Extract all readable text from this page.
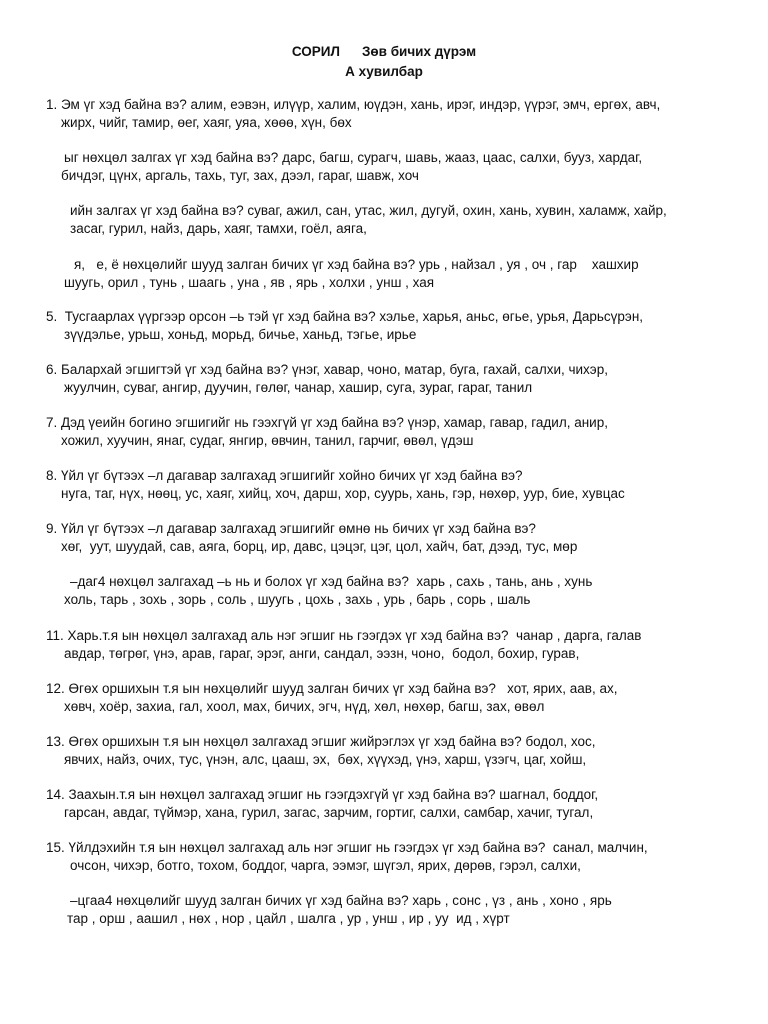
СОРИЛ Зөв бичих дүрэм
А хувилбар
1. Эм үг хэд байна вэ? алим, еэвэн, илүүр, халим, юүдэн, хань, ирэг, индэр, үүрэг, эмч, ергөх, авч,
жирх, чийг, тамир, өег, хаяг, уяа, хөөө, хүн, бөх
ыг нөхцөл залгах үг хэд байна вэ? дарс, багш, сурагч, шавь, жааз, цаас, салхи, бууз, хардаг,
бичдэг, цүнх, аргаль, тахь, туг, зах, дээл, гараг, шавж, хоч
ийн залгах үг хэд байна вэ? суваг, ажил, сан, утас, жил, дугуй, охин, хань, хувин, халамж, хайр,
засаг, гурил, найз, дарь, хаяг, тамхи, гоёл, аяга,
я,   е, ё нөхцөлийг шууд залган бичих үг хэд байна вэ? урь , найзал , уя , оч , гар    хашхир
шуугь, орил , тунь , шаагь , уна , яв , ярь , холхи , унш , хая
5.  Тусгаарлах үүргээр орсон –ь тэй үг хэд байна вэ? хэльe, харья, аньс, өгье, урья, Дарьсүрэн,
зүүдэльe, урьш, хоньд, морьд, бичье, ханьд, тэгье, ирье
6. Балархай эгшигтэй үг хэд байна вэ? үнэг, хавар, чоно, матар, буга, гахай, салхи, чихэр,
жуулчин, суваг, ангир, дуучин, гөлөг, чанар, хашир, суга, зураг, гараг, танил
7. Дэд үеийн богино эгшигийг нь гээхгүй үг хэд байна вэ? үнэр, хамар, гавар, гадил, анир,
хожил, хуучин, янаг, судаг, янгир, өвчин, танил, гарчиг, өвөл, үдэш
8. Үйл үг бүтээх –л дагавар залгахад эгшигийг хойно бичих үг хэд байна вэ?
нуга, таг, нүх, нөөц, ус, хаяг, хийц, хоч, дарш, хор, суурь, хань, гэр, нөхөр, уур, бие, хувцас
9. Үйл үг бүтээх –л дагавар залгахад эгшигийг өмнө нь бичих үг хэд байна вэ?
хөг,  уут, шуудай, сав, аяга, борц, ир, давс, цэцэг, цэг, цол, хайч, бат, дээд, тус, мөр
–даг4 нөхцөл залгахад –ь нь и болох үг хэд байна вэ?  харь , сахь , тань, ань , хунь
холь, тарь , зохь , зорь , соль , шуугь , цохь , захь , урь , барь , сорь , шаль
11. Харь.т.я ын нөхцөл залгахад аль нэг эгшиг нь гээгдэх үг хэд байна вэ?  чанар , дарга, галав
авдар, төгрөг, үнэ, арав, гараг, эрэг, анги, сандал, ээзн, чоно,  бодол, бохир, гурав,
12. Өгөх оршихын т.я ын нөхцөлийг шууд залган бичих үг хэд байна вэ?   хот, ярих, аав, ах,
хөвч, хоёр, захиа, гал, хоол, мах, бичих, эгч, нүд, хөл, нөхөр, багш, зах, өвөл
13. Өгөх оршихын т.я ын нөхцөл залгахад эгшиг жийрэглэх үг хэд байна вэ? бодол, хос,
явчих, найз, очих, тус, үнэн, алс, цааш, эх,  бөх, хүүхэд, үнэ, харш, үзэгч, цаг, хойш,
14. Заахын.т.я ын нөхцөл залгахад эгшиг нь гээгдэхгүй үг хэд байна вэ? шагнал, боддог,
гарсан, авдаг, түймэр, хана, гурил, загас, зарчим, гортиг, салхи, самбар, хачиг, тугал,
15. Үйлдэхийн т.я ын нөхцөл залгахад аль нэг эгшиг нь гээгдэх үг хэд байна вэ?  санал, малчин,
очсон, чихэр, ботго, тохом, боддог, чарга, ээмэг, шүгэл, ярих, дөрөв, гэрэл, салхи,
–цгаа4 нөхцөлийг шууд залган бичих үг хэд байна вэ? харь , сонс , үз , ань , хоно , ярь
тар , орш , аашил , нөх , нор , цайл , шалга , ур , унш , ир , уу  ид , хүрт
